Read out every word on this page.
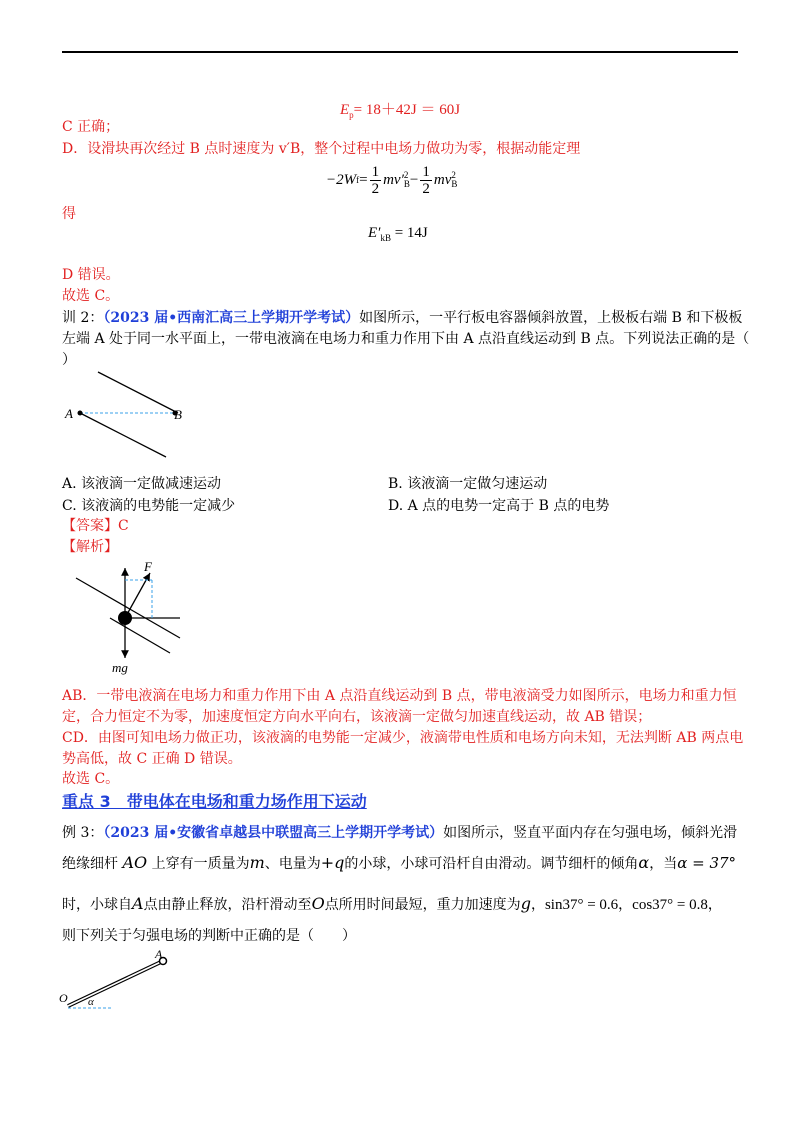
$E_p= 18+42J = 60J$
C 正确；
D．设滑块再次经过 B 点时速度为 v′B，整个过程中电场力做功为零，根据动能定理
−2W $f = \frac{1}{2} mv'$ 2
$B - \frac{1}{2}$ mv 2
B
得
$E'_{kB} = 14J$
D 错误。
故选 C。
训 2：（2023 届•西南汇高三上学期开学考试）如图所示，一平行板电容器倾斜放置，上极板右端 B 和下极板
左端 A 处于同一水平面上，一带电液滴在电场力和重力作用下由 A 点沿直线运动到 B 点。下列说法正确的是（
）
A	B
A. 该液滴一定做减速运动	B. 该液滴一定做匀速运动
C. 该液滴的电势能一定减少	D. A 点的电势一定高于 B 点的电势
【答案】C
【解析】
F
mg
AB．一带电液滴在电场力和重力作用下由 A 点沿直线运动到 B 点，带电液滴受力如图所示，电场力和重力恒
定，合力恒定不为零，加速度恒定方向水平向右，该液滴一定做匀加速直线运动，故 AB 错误；
CD．由图可知电场力做正功，该液滴的电势能一定减少，液滴带电性质和电场方向未知，无法判断 AB 两点电
势高低，故 C 正确 D 错误。
故选 C。
重点 3　带电体在电场和重力场作用下运动
例 3：（2023 届•安徽省卓越县中联盟高三上学期开学考试）如图所示，竖直平面内存在匀强电场，倾斜光滑
绝缘细杆 AO 上穿有一质量为m、电量为+q的小球，小球可沿杆自由滑动。调节细杆的倾角α，当α = 37°
时，小球自A点由静止释放，沿杆滑动至O点所用时间最短，重力加速度为g，sin37° = 0.6，cos37° = 0.8，
则下列关于匀强电场的判断中正确的是（　　）
A
O α
